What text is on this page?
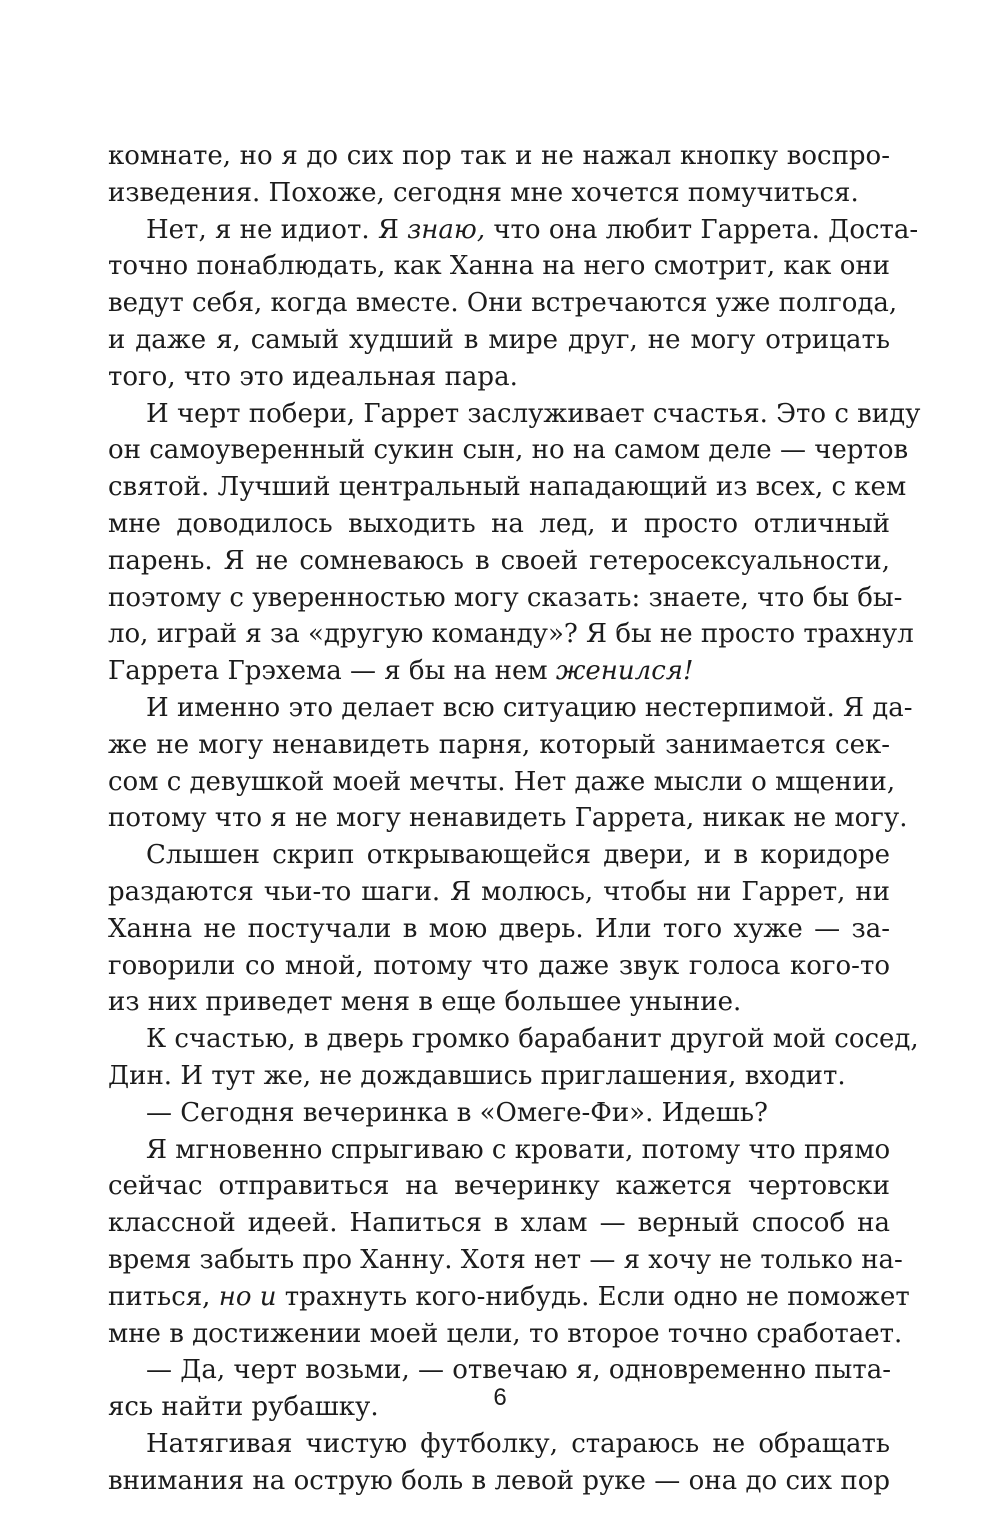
комнате, но я до сих пор так и не нажал кнопку воспро-
изведения. Похоже, сегодня мне хочется помучиться.
Нет, я не идиот. Я знаю, что она любит Гаррета. Доста-
точно понаблюдать, как Ханна на него смотрит, как они
ведут себя, когда вместе. Они встречаются уже полгода,
и даже я, самый худший в мире друг, не могу отрицать
того, что это идеальная пара.
И черт побери, Гаррет заслуживает счастья. Это с виду
он самоуверенный сукин сын, но на самом деле — чертов
святой. Лучший центральный нападающий из всех, с кем
мне доводилось выходить на лед, и просто отличный
парень. Я не сомневаюсь в своей гетеросексуальности,
поэтому с уверенностью могу сказать: знаете, что бы бы-
ло, играй я за «другую команду»? Я бы не просто трахнул
Гаррета Грэхема — я бы на нем женился!
И именно это делает всю ситуацию нестерпимой. Я да-
же не могу ненавидеть парня, который занимается сек-
сом с девушкой моей мечты. Нет даже мысли о мщении,
потому что я не могу ненавидеть Гаррета, никак не могу.
Слышен скрип открывающейся двери, и в коридоре
раздаются чьи-то шаги. Я молюсь, чтобы ни Гаррет, ни
Ханна не постучали в мою дверь. Или того хуже — за-
говорили со мной, потому что даже звук голоса кого-то
из них приведет меня в еще большее уныние.
К счастью, в дверь громко барабанит другой мой сосед,
Дин. И тут же, не дождавшись приглашения, входит.
— Сегодня вечеринка в «Омеге-Фи». Идешь?
Я мгновенно спрыгиваю с кровати, потому что прямо
сейчас отправиться на вечеринку кажется чертовски
классной идеей. Напиться в хлам — верный способ на
время забыть про Ханну. Хотя нет — я хочу не только на-
питься, но и трахнуть кого-нибудь. Если одно не поможет
мне в достижении моей цели, то второе точно сработает.
— Да, черт возьми, — отвечаю я, одновременно пыта-
ясь найти рубашку.
Натягивая чистую футболку, стараюсь не обращать
внимания на острую боль в левой руке — она до сих пор
6
